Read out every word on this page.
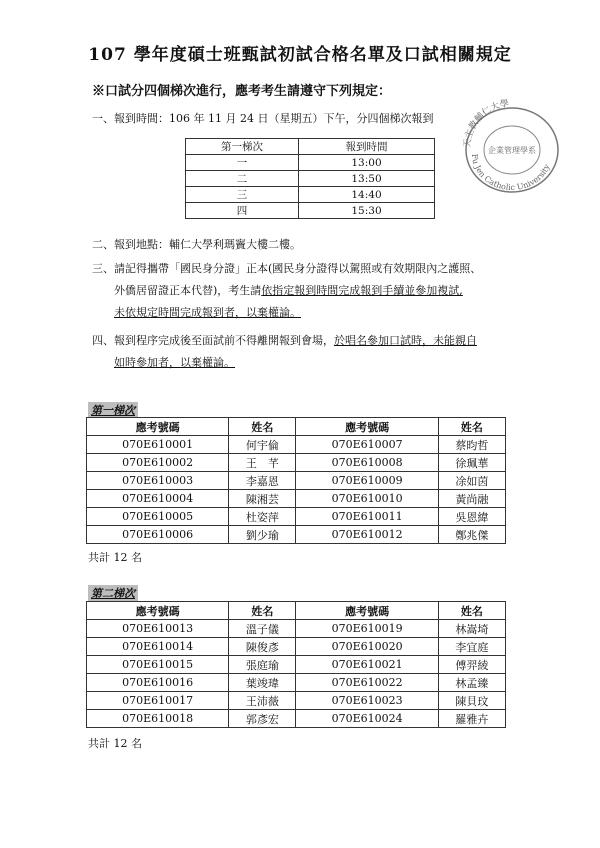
107 學年度碩士班甄試初試合格名單及口試相關規定
※口試分四個梯次進行，應考考生請遵守下列規定：
一、報到時間：106 年 11 月 24 日（星期五）下午，分四個梯次報到
天主教輔仁大學
企業管理學系
Fu Jen Catholic University
第一梯次	報到時間
一	13:00
二	13:50
三	14:40
四	15:30
二、報到地點：輔仁大學利瑪竇大樓二樓。
三、請記得攜帶「國民身分證」正本(國民身分證得以駕照或有效期限內之護照、
外僑居留證正本代替)，考生請依指定報到時間完成報到手續並參加複試,
未依規定時間完成報到者，以棄權論。
四、報到程序完成後至面試前不得離開報到會場，於唱名參加口試時，未能親自
如時參加者，以棄權論。
第一梯次
應考號碼	姓名	應考號碼	姓名
070E610001	何宇倫	070E610007	蔡昀哲
070E610002	王　芊	070E610008	徐珮華
070E610003	李嘉恩	070E610009	凃如茵
070E610004	陳湘芸	070E610010	黃尚融
070E610005	杜姿萍	070E610011	吳恩緯
070E610006	劉少瑜	070E610012	鄭兆傑
共計 12 名
第二梯次
應考號碼	姓名	應考號碼	姓名
070E610013	溫子儀	070E610019	林嵩埼
070E610014	陳俊彥	070E610020	李宜庭
070E610015	張庭瑜	070E610021	傅羿綾
070E610016	葉竣瑋	070E610022	林孟臻
070E610017	王沛薇	070E610023	陳貝玟
070E610018	郭彥宏	070E610024	羅雅卉
共計 12 名
